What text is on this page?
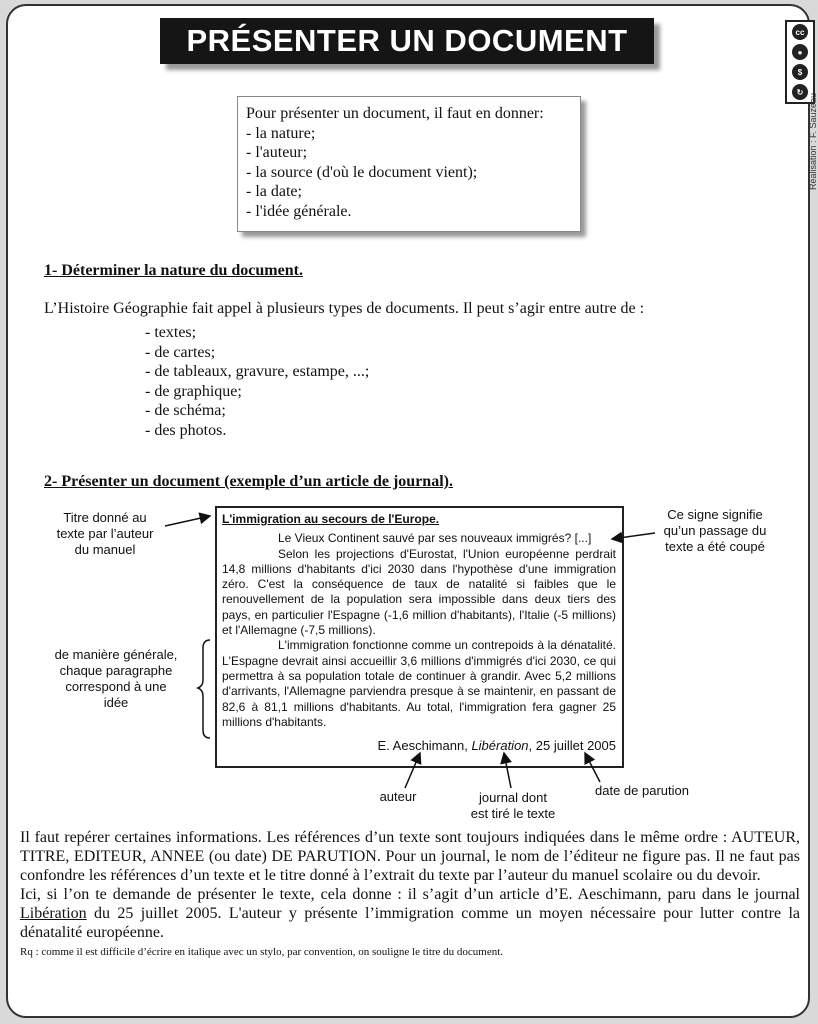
PRÉSENTER UN DOCUMENT	cc
●
$
↻
Réalisation : F. Sauzeau
Pour présenter un document, il faut en donner:
- la nature;
- l'auteur;
- la source (d'où le document vient);
- la date;
- l'idée générale.
1- Déterminer la nature du document.
L’Histoire Géographie fait appel à plusieurs types de documents. Il peut s’agir entre autre de :
- textes;
- de cartes;
- de tableaux, gravure, estampe, ...;
- de graphique;
- de schéma;
- des photos.
2- Présenter un document (exemple d’un article de journal).
L'immigration au secours de l'Europe.

Le Vieux Continent sauvé par ses nouveaux immigrés? [...]

Selon les projections d'Eurostat, l'Union européenne perdrait 14,8 millions d'habitants d'ici 2030 dans l'hypothèse d'une immigration zéro. C'est la conséquence de taux de natalité si faibles que le renouvellement de la population sera impossible dans deux tiers des pays, en particulier l'Espagne (-1,6 million d'habitants), l'Italie (-5 millions) et l'Allemagne (-7,5 millions).

L'immigration fonctionne comme un contrepoids à la dénatalité. L'Espagne devrait ainsi accueillir 3,6 millions d'immigrés d'ici 2030, ce qui permettra à sa population totale de continuer à grandir. Avec 5,2 millions d'arrivants, l'Allemagne parviendra presque à se maintenir, en passant de 82,6 à 81,1 millions d'habitants. Au total, l'immigration fera gagner 25 millions d'habitants.

E. Aeschimann, Libération, 25 juillet 2005
Titre donné au
texte par l’auteur
du manuel
Ce signe signifie
qu’un passage du
texte a été coupé
de manière générale,
chaque paragraphe
correspond à une
idée
auteur	journal dont
est tiré le texte
date de parution

Il faut repérer certaines informations. Les références d’un texte sont toujours indiquées dans le même ordre : AUTEUR, TITRE, EDITEUR, ANNEE (ou date) DE PARUTION. Pour un journal, le nom de l’éditeur ne figure pas. Il ne faut pas confondre les références d’un texte et le titre donné à l’extrait du texte par l’auteur du manuel scolaire ou du devoir.

Ici, si l’on te demande de présenter le texte, cela donne : il s’agit d’un article d’E. Aeschimann, paru dans le journal Libération du 25 juillet 2005. L'auteur y présente l’immigration comme un moyen nécessaire pour lutter contre la dénatalité européenne.

Rq : comme il est difficile d’écrire en italique avec un stylo, par convention, on souligne le titre du document.
